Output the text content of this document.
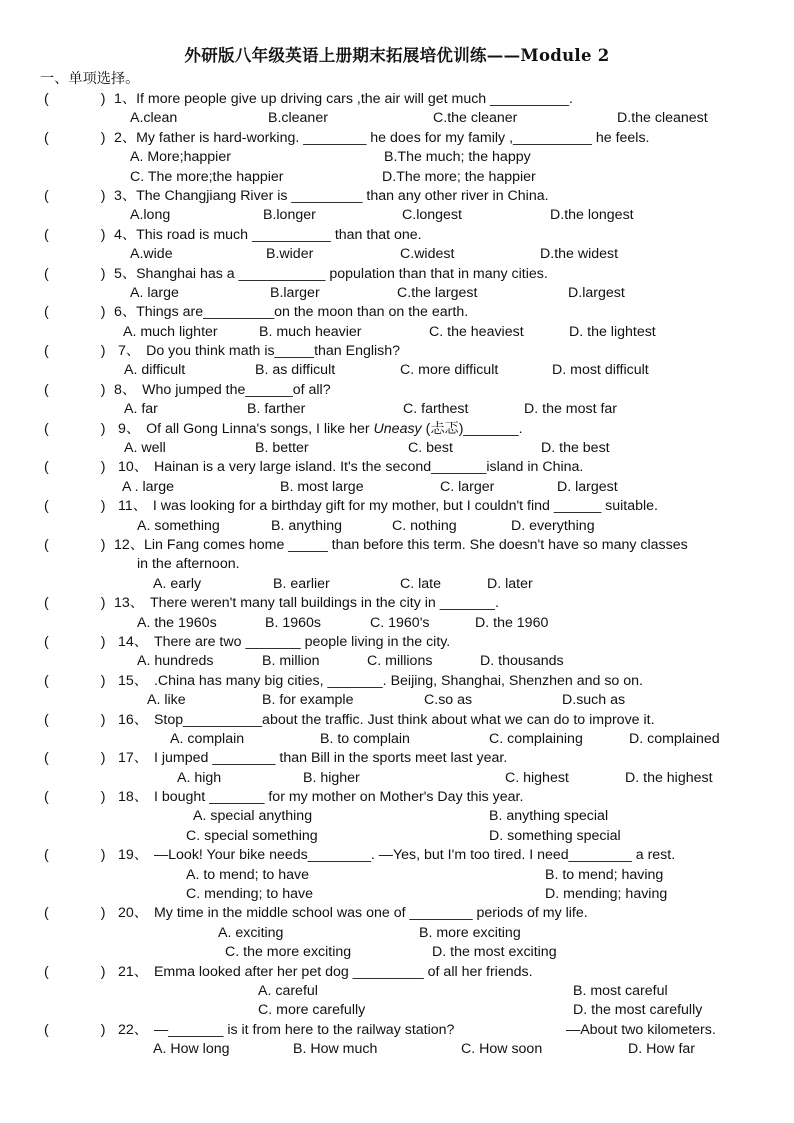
外研版八年级英语上册期末拓展培优训练——Module 2
一、单项选择。
(	) 1、If more people give up driving cars ,the air will get much __________.
A.clean	B.cleaner	C.the cleaner	D.the cleanest
(	) 2、My father is hard-working. ________ he does for my family ,__________ he feels.
A. More;happier	B.The much; the happy
C. The more;the happier	D.The more; the happier
(	) 3、The Changjiang River is _________ than any other river in China.
A.long	B.longer	C.longest	D.the longest
(	) 4、This road is much __________ than that one.
A.wide	B.wider	C.widest	D.the widest
(	) 5、Shanghai has a ___________ population than that in many cities.
A. large	B.larger	C.the largest	D.largest
(	) 6、Things are_________on the moon than on the earth.
A. much lighter	B. much heavier	C. the heaviest	D. the lightest
(	) 7、 Do you think math is_____than English?
A. difficult	B. as difficult	C. more difficult	D. most difficult
(	) 8、 Who jumped the______of all?
A. far	B. farther	C. farthest	D. the most far
(	) 9、 Of all Gong Linna's songs, I like her Uneasy (忐忑)_______.
A. well	B. better	C. best	D. the best
(	) 10、 Hainan is a very large island. It's the second_______island in China.
A . large	B. most large	C. larger	D. largest
(	) 11、 I was looking for a birthday gift for my mother, but I couldn't find ______ suitable.
A. something	B. anything	C. nothing	D. everything
(	) 12、Lin Fang comes home _____ than before this term. She doesn't have so many classes
in the afternoon.
A. early	B. earlier	C. late	D. later
(	) 13、 There weren't many tall buildings in the city in _______.
A. the 1960s	B. 1960s	C. 1960's	D. the 1960
(	) 14、 There are two _______ people living in the city.
A. hundreds	B. million	C. millions	D. thousands
(	) 15、 .China has many big cities, _______. Beijing, Shanghai, Shenzhen and so on.
A. like	B. for example	C.so as	D.such as
(	) 16、 Stop__________about the traffic. Just think about what we can do to improve it.
A. complain	B. to complain	C. complaining	D. complained
(	) 17、 I jumped ________ than Bill in the sports meet last year.
A. high	B. higher	C. highest	D. the highest
(	) 18、 I bought _______ for my mother on Mother's Day this year.
A. special anything	B. anything special
C. special something	D. something special
(	) 19、 —Look! Your bike needs________. —Yes, but I'm too tired. I need________ a rest.
A. to mend; to have	B. to mend; having
C. mending; to have	D. mending; having
(	) 20、 My time in the middle school was one of ________ periods of my life.
A. exciting	B. more exciting
C. the more exciting	D. the most exciting
(	) 21、 Emma looked after her pet dog _________ of all her friends.
A. careful	B. most careful
C. more carefully	D. the most carefully
(	) 22、 —_______ is it from here to the railway station?	—About two kilometers.
A. How long	B. How much	C. How soon	D. How far
